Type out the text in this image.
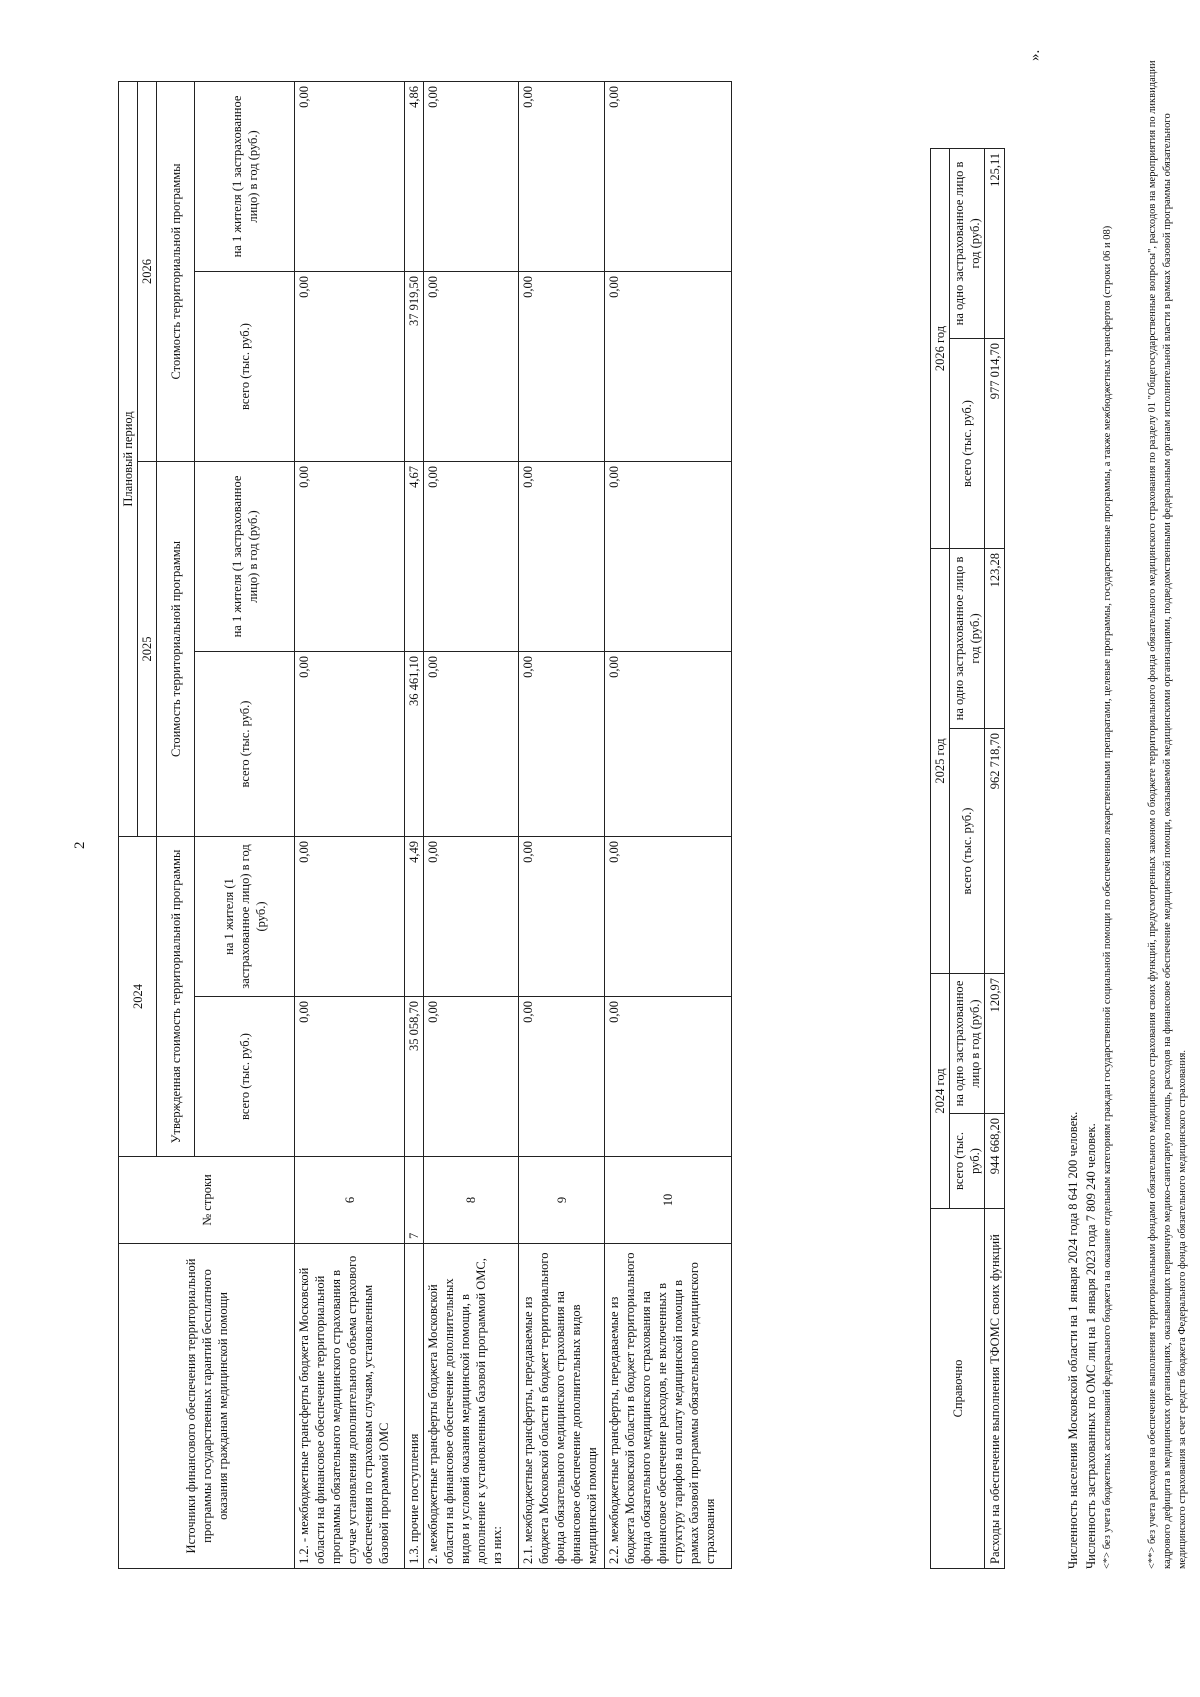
2
Источники финансового обеспечения территориальной программы государственных гарантий бесплатного оказания гражданам медицинской помощи	№ строки	2024		Плановый период			
				2025		2026	
		Утвержденная стоимость территориальной программы		Стоимость территориальной программы		Стоимость территориальной программы	
		всего (тыс. руб.)	на 1 жителя (1 застрахованное лицо) в год (руб.)	всего (тыс. руб.)	на 1 жителя (1 застрахованное лицо) в год (руб.)	всего (тыс. руб.)	на 1 жителя (1 застрахованное лицо) в год (руб.)
1.2. - межбюджетные трансферты бюджета Московской области на финансовое обеспечение территориальной программы обязательного медицинского страхования в случае установления дополнительного объема страхового обеспечения по страховым случаям, установленным базовой программой ОМС	6	0,00	0,00	0,00	0,00	0,00	0,00
1.3. прочие поступления	7	35 058,70	4,49	36 461,10	4,67	37 919,50	4,86
2. межбюджетные трансферты бюджета Московской области на финансовое обеспечение дополнительных видов и условий оказания медицинской помощи, в дополнение к установленным базовой программой ОМС, из них:	8	0,00	0,00	0,00	0,00	0,00	0,00
2.1. межбюджетные трансферты, передаваемые из бюджета Московской области в бюджет территориального фонда обязательного медицинского страхования на финансовое обеспечение дополнительных видов медицинской помощи	9	0,00	0,00	0,00	0,00	0,00	0,00
2.2. межбюджетные трансферты, передаваемые из бюджета Московской области в бюджет территориального фонда обязательного медицинского страхования на финансовое обеспечение расходов, не включенных в структуру тарифов на оплату медицинской помощи в рамках базовой программы обязательного медицинского страхования	10	0,00	0,00	0,00	0,00	0,00	0,00
Справочно	2024 год		2025 год		2026 год	
	всего (тыс. руб.)	на одно застрахованное лицо в год (руб.)	всего (тыс. руб.)	на одно застрахованное лицо в год (руб.)	всего (тыс. руб.)	на одно застрахованное лицо в год (руб.)
Расходы на обеспечение выполнения ТФОМС своих функций	944 668,20	120,97	962 718,70	123,28	977 014,70	125,11

Численность населения Московской области на 1 января 2024 года 8 641 200 человек. Численность застрахованных по ОМС лиц на 1 января 2023 года 7 809 240 человек. <*> без учета бюджетных ассигнований федерального бюджета на оказание отдельным категориям граждан государственной социальной помощи по обеспечению лекарственными препаратами, целевые программы, государственные программы, а также межбюджетных трансфертов (строки 06 и 08)	<**> без учета расходов на обеспечение выполнения территориальными фондами обязательного медицинского страхования своих функций, предусмотренных законом о бюджете территориального фонда обязательного медицинского страхования по разделу 01 "Общегосударственные вопросы", расходов на мероприятия по ликвидации кадрового дефицита в медицинских организациях, оказывающих первичную медико-санитарную помощь, расходов на финансовое обеспечение медицинской помощи, оказываемой медицинскими организациями, подведомственными федеральным органам исполнительной власти в рамках базовой программы обязательного медицинского страхования за счет средств бюджета Федерального фонда обязательного медицинского страхования.
».
